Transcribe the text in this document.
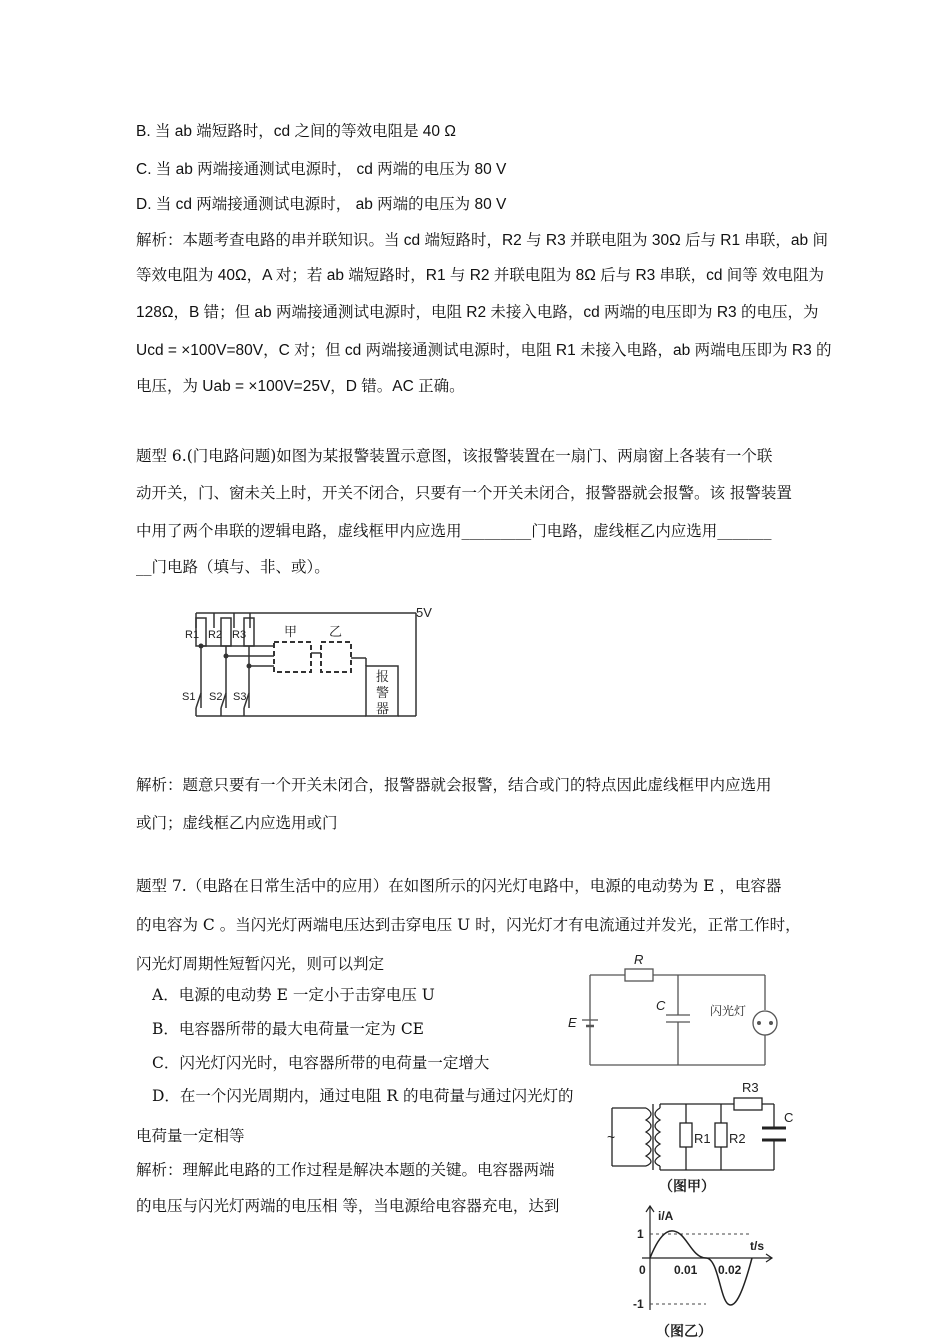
B. 当 ab 端短路时，cd 之间的等效电阻是 40 Ω
C. 当 ab 两端接通测试电源时， cd 两端的电压为 80 V
D. 当 cd 两端接通测试电源时， ab 两端的电压为 80 V
解析：本题考查电路的串并联知识。当 cd 端短路时，R2 与 R3 并联电阻为 30Ω 后与 R1 串联，ab 间
等效电阻为 40Ω，A 对；若 ab 端短路时，R1 与 R2 并联电阻为 8Ω 后与 R3 串联，cd 间等 效电阻为
128Ω，B 错；但 ab 两端接通测试电源时，电阻 R2 未接入电路，cd 两端的电压即为 R3 的电压，为
Ucd = ×100V=80V，C 对；但 cd 两端接通测试电源时，电阻 R1 未接入电路，ab 两端电压即为 R3 的
电压，为 Uab = ×100V=25V，D 错。AC 正确。
题型 6.(门电路问题)如图为某报警装置示意图，该报警装置在一扇门、两扇窗上各装有一个联
动开关，门、窗未关上时，开关不闭合，只要有一个开关未闭合，报警器就会报警。该 报警装置
中用了两个串联的逻辑电路，虚线框甲内应选用_________门电路，虚线框乙内应选用_______
__门电路（填与、非、或）。
5V
甲 乙
报
警
器
R1 R2 R3
S1 S2 S3
解析：题意只要有一个开关未闭合，报警器就会报警，结合或门的特点因此虚线框甲内应选用
或门；虚线框乙内应选用或门
题型 7.（电路在日常生活中的应用）在如图所示的闪光灯电路中，电源的电动势为 E ，电容器
的电容为 C 。当闪光灯两端电压达到击穿电压 U 时，闪光灯才有电流通过并发光，正常工作时，
闪光灯周期性短暂闪光，则可以判定
A．电源的电动势 E 一定小于击穿电压 U
B．电容器所带的最大电荷量一定为 CE
C．闪光灯闪光时，电容器所带的电荷量一定增大
D．在一个闪光周期内，通过电阻 R 的电荷量与通过闪光灯的
电荷量一定相等
解析：理解此电路的工作过程是解决本题的关键。电容器两端
的电压与闪光灯两端的电压相 等，当电源给电容器充电，达到
R
E
C	闪光灯
~	R1 R2
R3
C
（图甲）
i/A
t/s
1
0 0.01 0.02
-1
（图乙）
